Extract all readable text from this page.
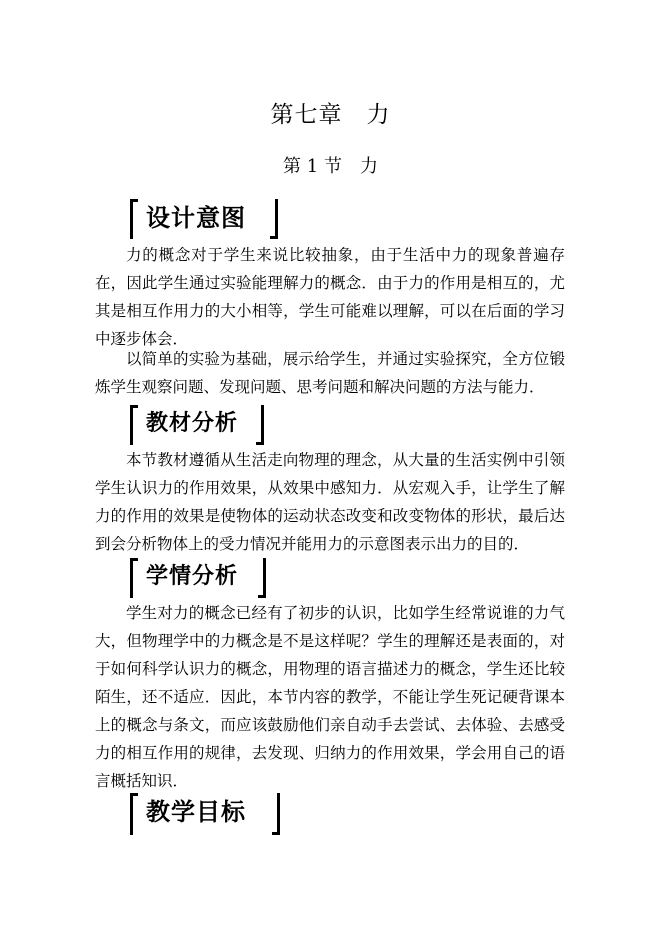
第七章　力
第 1 节　力
设计意图

力的概念对于学生来说比较抽象，由于生活中力的现象普遍存在，因此学生通过实验能理解力的概念．由于力的作用是相互的，尤其是相互作用力的大小相等，学生可能难以理解，可以在后面的学习中逐步体会．

以简单的实验为基础，展示给学生，并通过实验探究，全方位锻炼学生观察问题、发现问题、思考问题和解决问题的方法与能力．

教材分析

本节教材遵循从生活走向物理的理念，从大量的生活实例中引领学生认识力的作用效果，从效果中感知力．从宏观入手，让学生了解力的作用的效果是使物体的运动状态改变和改变物体的形状，最后达到会分析物体上的受力情况并能用力的示意图表示出力的目的．

学情分析

学生对力的概念已经有了初步的认识，比如学生经常说谁的力气大，但物理学中的力概念是不是这样呢？学生的理解还是表面的，对于如何科学认识力的概念，用物理的语言描述力的概念，学生还比较陌生，还不适应．因此，本节内容的教学，不能让学生死记硬背课本上的概念与条文，而应该鼓励他们亲自动手去尝试、去体验、去感受力的相互作用的规律，去发现、归纳力的作用效果，学会用自己的语言概括知识．

教学目标
